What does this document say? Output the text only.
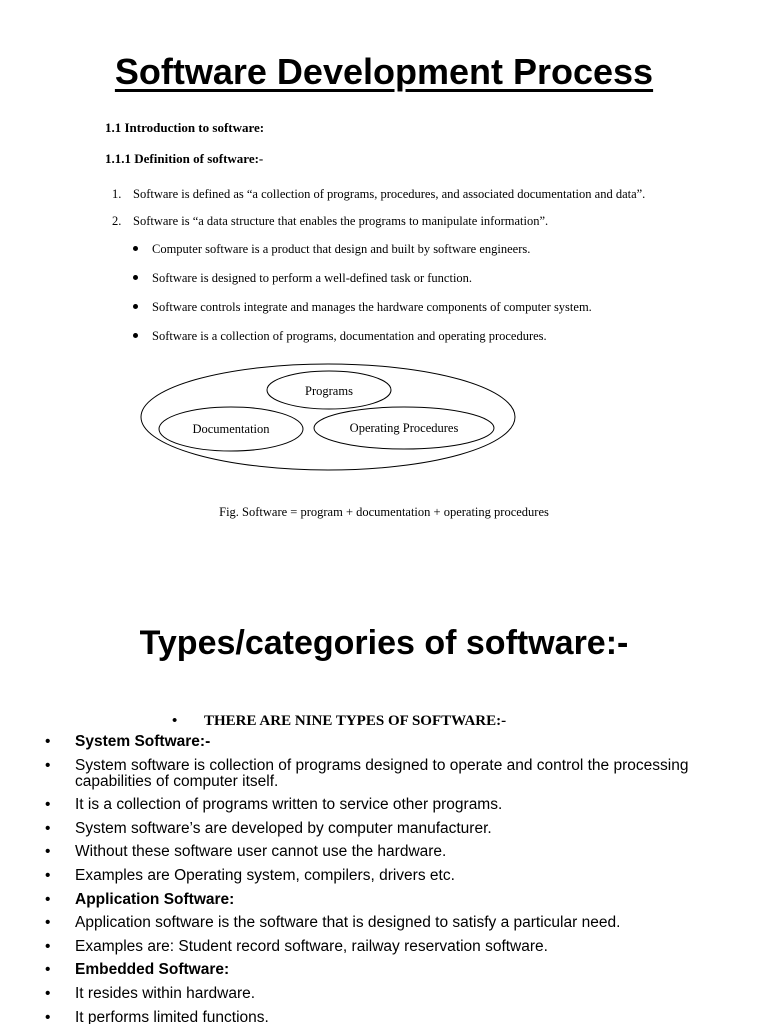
Software Development Process
1.1 Introduction to software:
1.1.1 Definition of software:-
1. Software is defined as “a collection of programs, procedures, and associated documentation and data”.
2. Software is “a data structure that enables the programs to manipulate information”.
Computer software is a product that design and built by software engineers.
Software is designed to perform a well-defined task or function.
Software controls integrate and manages the hardware components of computer system.
Software is a collection of programs, documentation and operating procedures.
Programs
Documentation	Operating Procedures
Fig. Software = program + documentation + operating procedures
Types/categories of software:-
• THERE ARE NINE TYPES OF SOFTWARE:-
• System Software:-
• System software is collection of programs designed to operate and control the processing capabilities of computer itself.
• It is a collection of programs written to service other programs.
• System software’s are developed by computer manufacturer.
• Without these software user cannot use the hardware.
• Examples are Operating system, compilers, drivers etc.
• Application Software:
• Application software is the software that is designed to satisfy a particular need.
• Examples are: Student record software, railway reservation software.
• Embedded Software:
• It resides within hardware.
• It performs limited functions.
